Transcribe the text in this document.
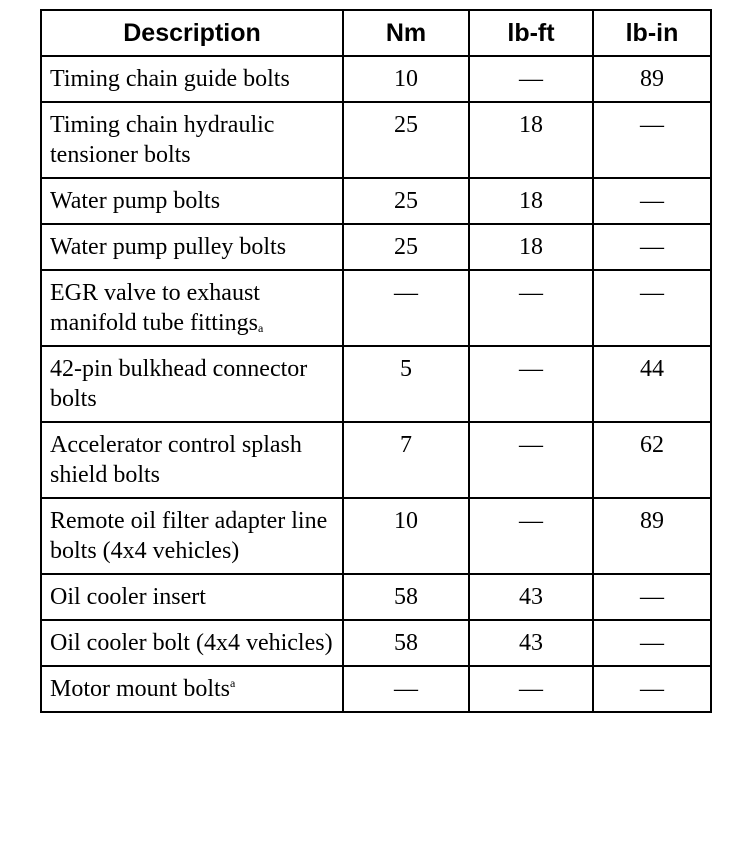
Description	Nm	lb-ft	lb-in
Timing chain guide bolts	10	—	89
Timing chain hydraulic tensioner bolts	25	18	—
Water pump bolts	25	18	—
Water pump pulley bolts	25	18	—
EGR valve to exhaust manifold tube fittingsa	—	—	—
42-pin bulkhead connector bolts	5	—	44
Accelerator control splash shield bolts	7	—	62
Remote oil filter adapter line bolts (4x4 vehicles)	10	—	89
Oil cooler insert	58	43	—
Oil cooler bolt (4x4 vehicles)	58	43	—
Motor mount bolts$^a$	—	—	—
